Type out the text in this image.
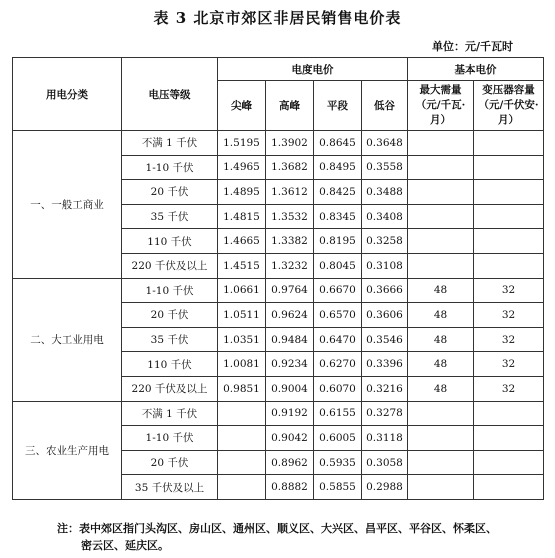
表 3 北京市郊区非居民销售电价表
单位：元/千瓦时
用电分类	电压等级	电度电价				基本电价	
		尖峰	高峰	平段	低谷	最大需量（元/千瓦·月）	变压器容量（元/千伏安·月）
一、一般工商业	不满 1 千伏	1.5195	1.3902	0.8645	0.3648		
	1-10 千伏	1.4965	1.3682	0.8495	0.3558		
	20 千伏	1.4895	1.3612	0.8425	0.3488		
	35 千伏	1.4815	1.3532	0.8345	0.3408		
	110 千伏	1.4665	1.3382	0.8195	0.3258		
	220 千伏及以上	1.4515	1.3232	0.8045	0.3108		
二、大工业用电	1-10 千伏	1.0661	0.9764	0.6670	0.3666	48	32
	20 千伏	1.0511	0.9624	0.6570	0.3606	48	32
	35 千伏	1.0351	0.9484	0.6470	0.3546	48	32
	110 千伏	1.0081	0.9234	0.6270	0.3396	48	32
	220 千伏及以上	0.9851	0.9004	0.6070	0.3216	48	32
三、农业生产用电	不满 1 千伏		0.9192	0.6155	0.3278		
	1-10 千伏		0.9042	0.6005	0.3118		
	20 千伏		0.8962	0.5935	0.3058		
	35 千伏及以上		0.8882	0.5855	0.2988		
注：表中郊区指门头沟区、房山区、通州区、顺义区、大兴区、昌平区、平谷区、怀柔区、
密云区、延庆区。
